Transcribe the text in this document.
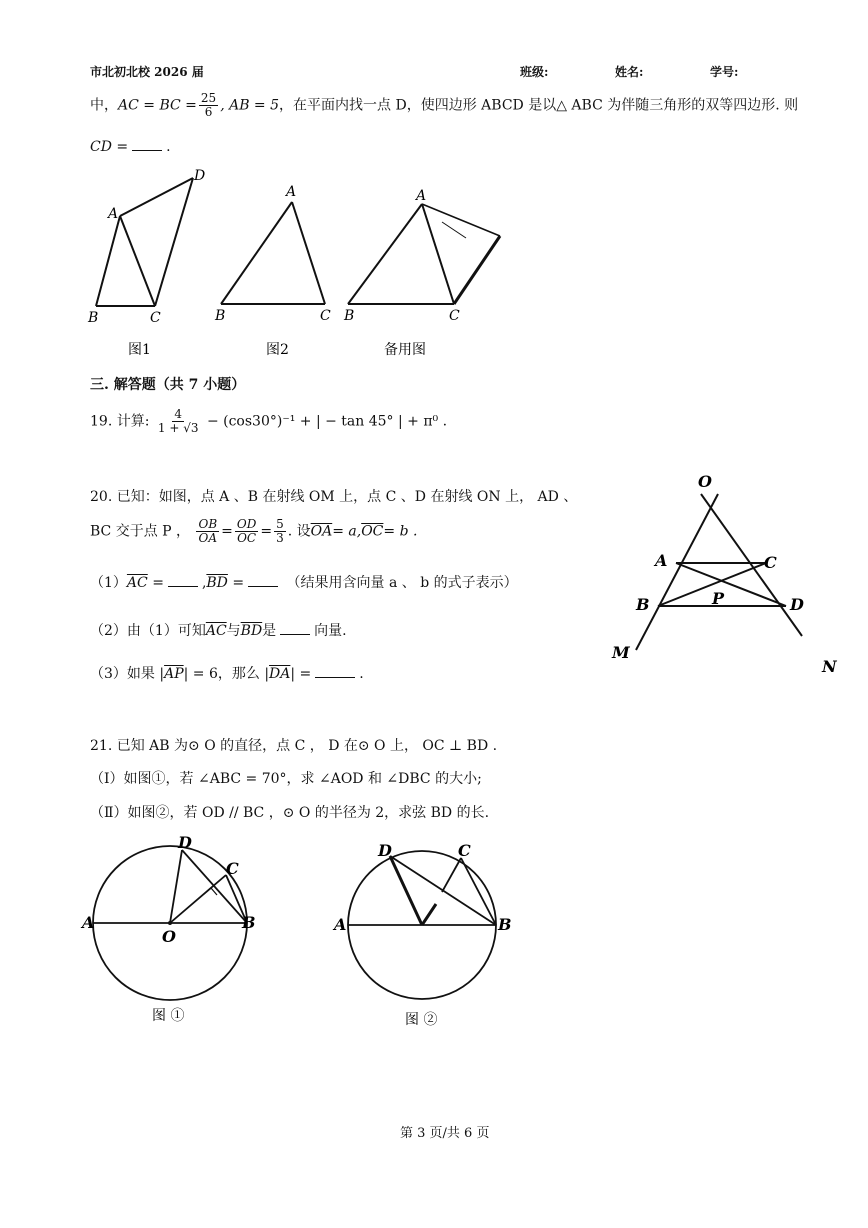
市北初北校 2026 届	班级:	姓名:	学号:
中，AC = BC = $\frac{25}{6}$ , AB = 5，在平面内找一点 D，使四边形 ABCD 是以△ ABC 为伴随三角形的双等四边形. 则
CD =	.
A
B	C
D
A
B	C
A
B	C
图1	图2	备用图
三. 解答题（共 7 小题）
19. 计算: $\frac{4}{1 + √3} - (\cos 30^\circ)^{-1}$ + | − tan 45° | + π⁰ .
20. 已知：如图，点 A 、B 在射线 OM 上，点 C 、D 在射线 ON 上， AD 、
BC 交于点 P ， $\frac{OB}{OA} = \frac{OD}{OC} = \frac{5}{3}$ . 设$\overline{OA}= a,\overline{OC}= b$ .
$(1)\overline{AC}$ =	$,\overline{BD}$ =	（结果用含向量 a 、 b 的式子表示）
（2）由（1）可知$\overline{AC}$与$\overline{BD}$是	向量.
（3）如果 $|\overline{AP}| = 6$，那么 $|\overline{DA}|$ =	.
O
A	C
B	P	D
M
N
21. 已知 AB 为⊙ O 的直径，点 C ， D 在⊙ O 上， OC ⊥ BD .
（Ⅰ）如图①，若 ∠ABC = 70°，求 ∠AOD 和 ∠DBC 的大小;
（Ⅱ）如图②，若 OD // BC ，⊙ O 的半径为 2，求弦 BD 的长.
D
C
A
O
B
D	C
A	B
图 ①	图 ②
第 3 页/共 6 页
